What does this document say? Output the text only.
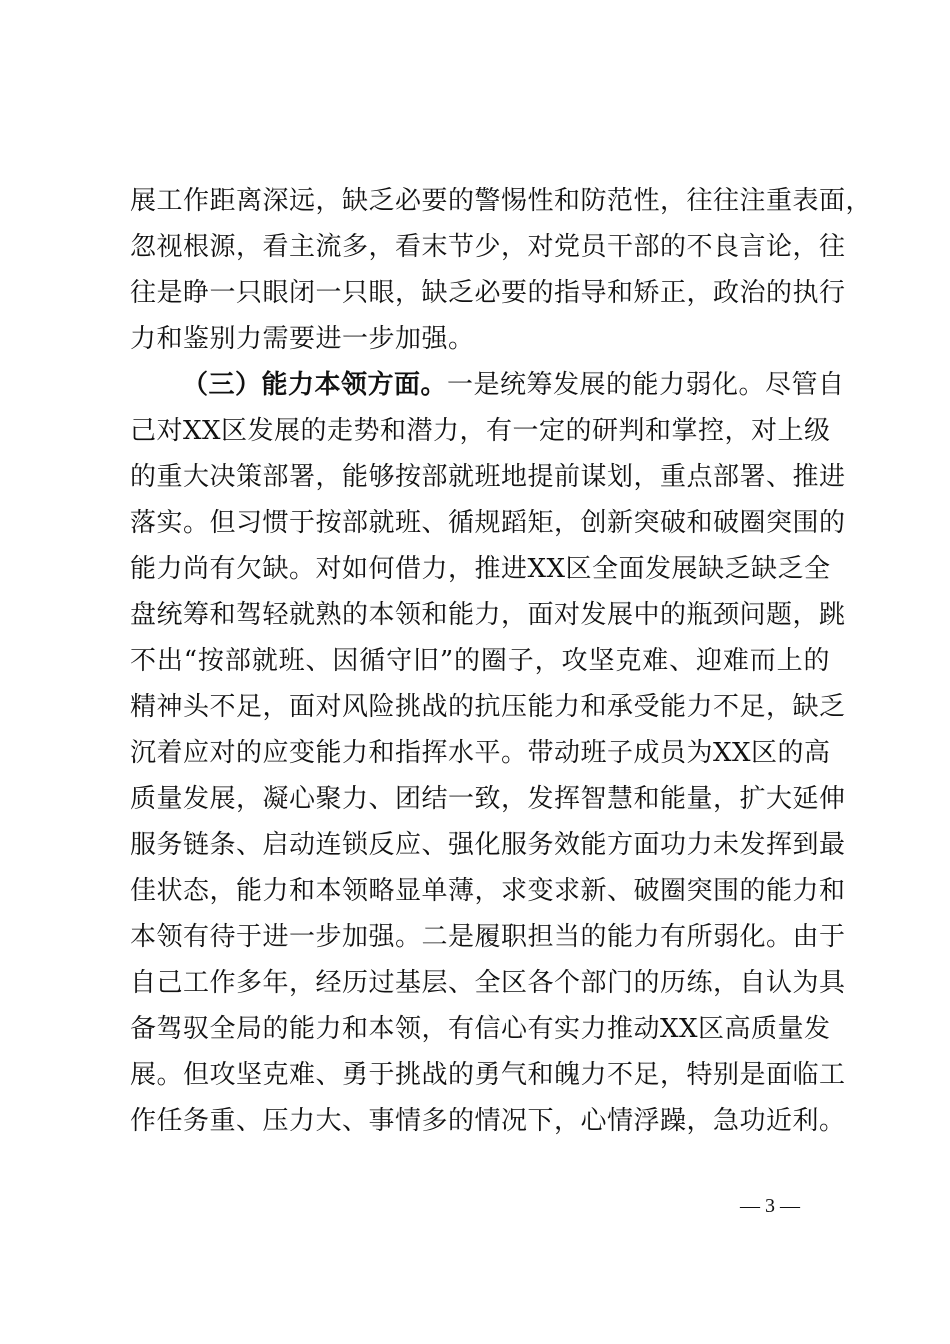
展工作距离深远，缺乏必要的警惕性和防范性，往往注重表面，
忽视根源，看主流多，看末节少，对党员干部的不良言论，往
往是睁一只眼闭一只眼，缺乏必要的指导和矫正，政治的执行
力和鉴别力需要进一步加强。
（三）能力本领方面。一是统筹发展的能力弱化。尽管自
己对XX区发展的走势和潜力，有一定的研判和掌控，对上级
的重大决策部署，能够按部就班地提前谋划，重点部署、推进
落实。但习惯于按部就班、循规蹈矩，创新突破和破圈突围的
能力尚有欠缺。对如何借力，推进XX区全面发展缺乏缺乏全
盘统筹和驾轻就熟的本领和能力，面对发展中的瓶颈问题，跳
不出“按部就班、因循守旧”的圈子，攻坚克难、迎难而上的
精神头不足，面对风险挑战的抗压能力和承受能力不足，缺乏
沉着应对的应变能力和指挥水平。带动班子成员为XX区的高
质量发展，凝心聚力、团结一致，发挥智慧和能量，扩大延伸
服务链条、启动连锁反应、强化服务效能方面功力未发挥到最
佳状态，能力和本领略显单薄，求变求新、破圈突围的能力和
本领有待于进一步加强。二是履职担当的能力有所弱化。由于
自己工作多年，经历过基层、全区各个部门的历练，自认为具
备驾驭全局的能力和本领，有信心有实力推动XX区高质量发
展。但攻坚克难、勇于挑战的勇气和魄力不足，特别是面临工
作任务重、压力大、事情多的情况下，心情浮躁，急功近利。
— 3 —
